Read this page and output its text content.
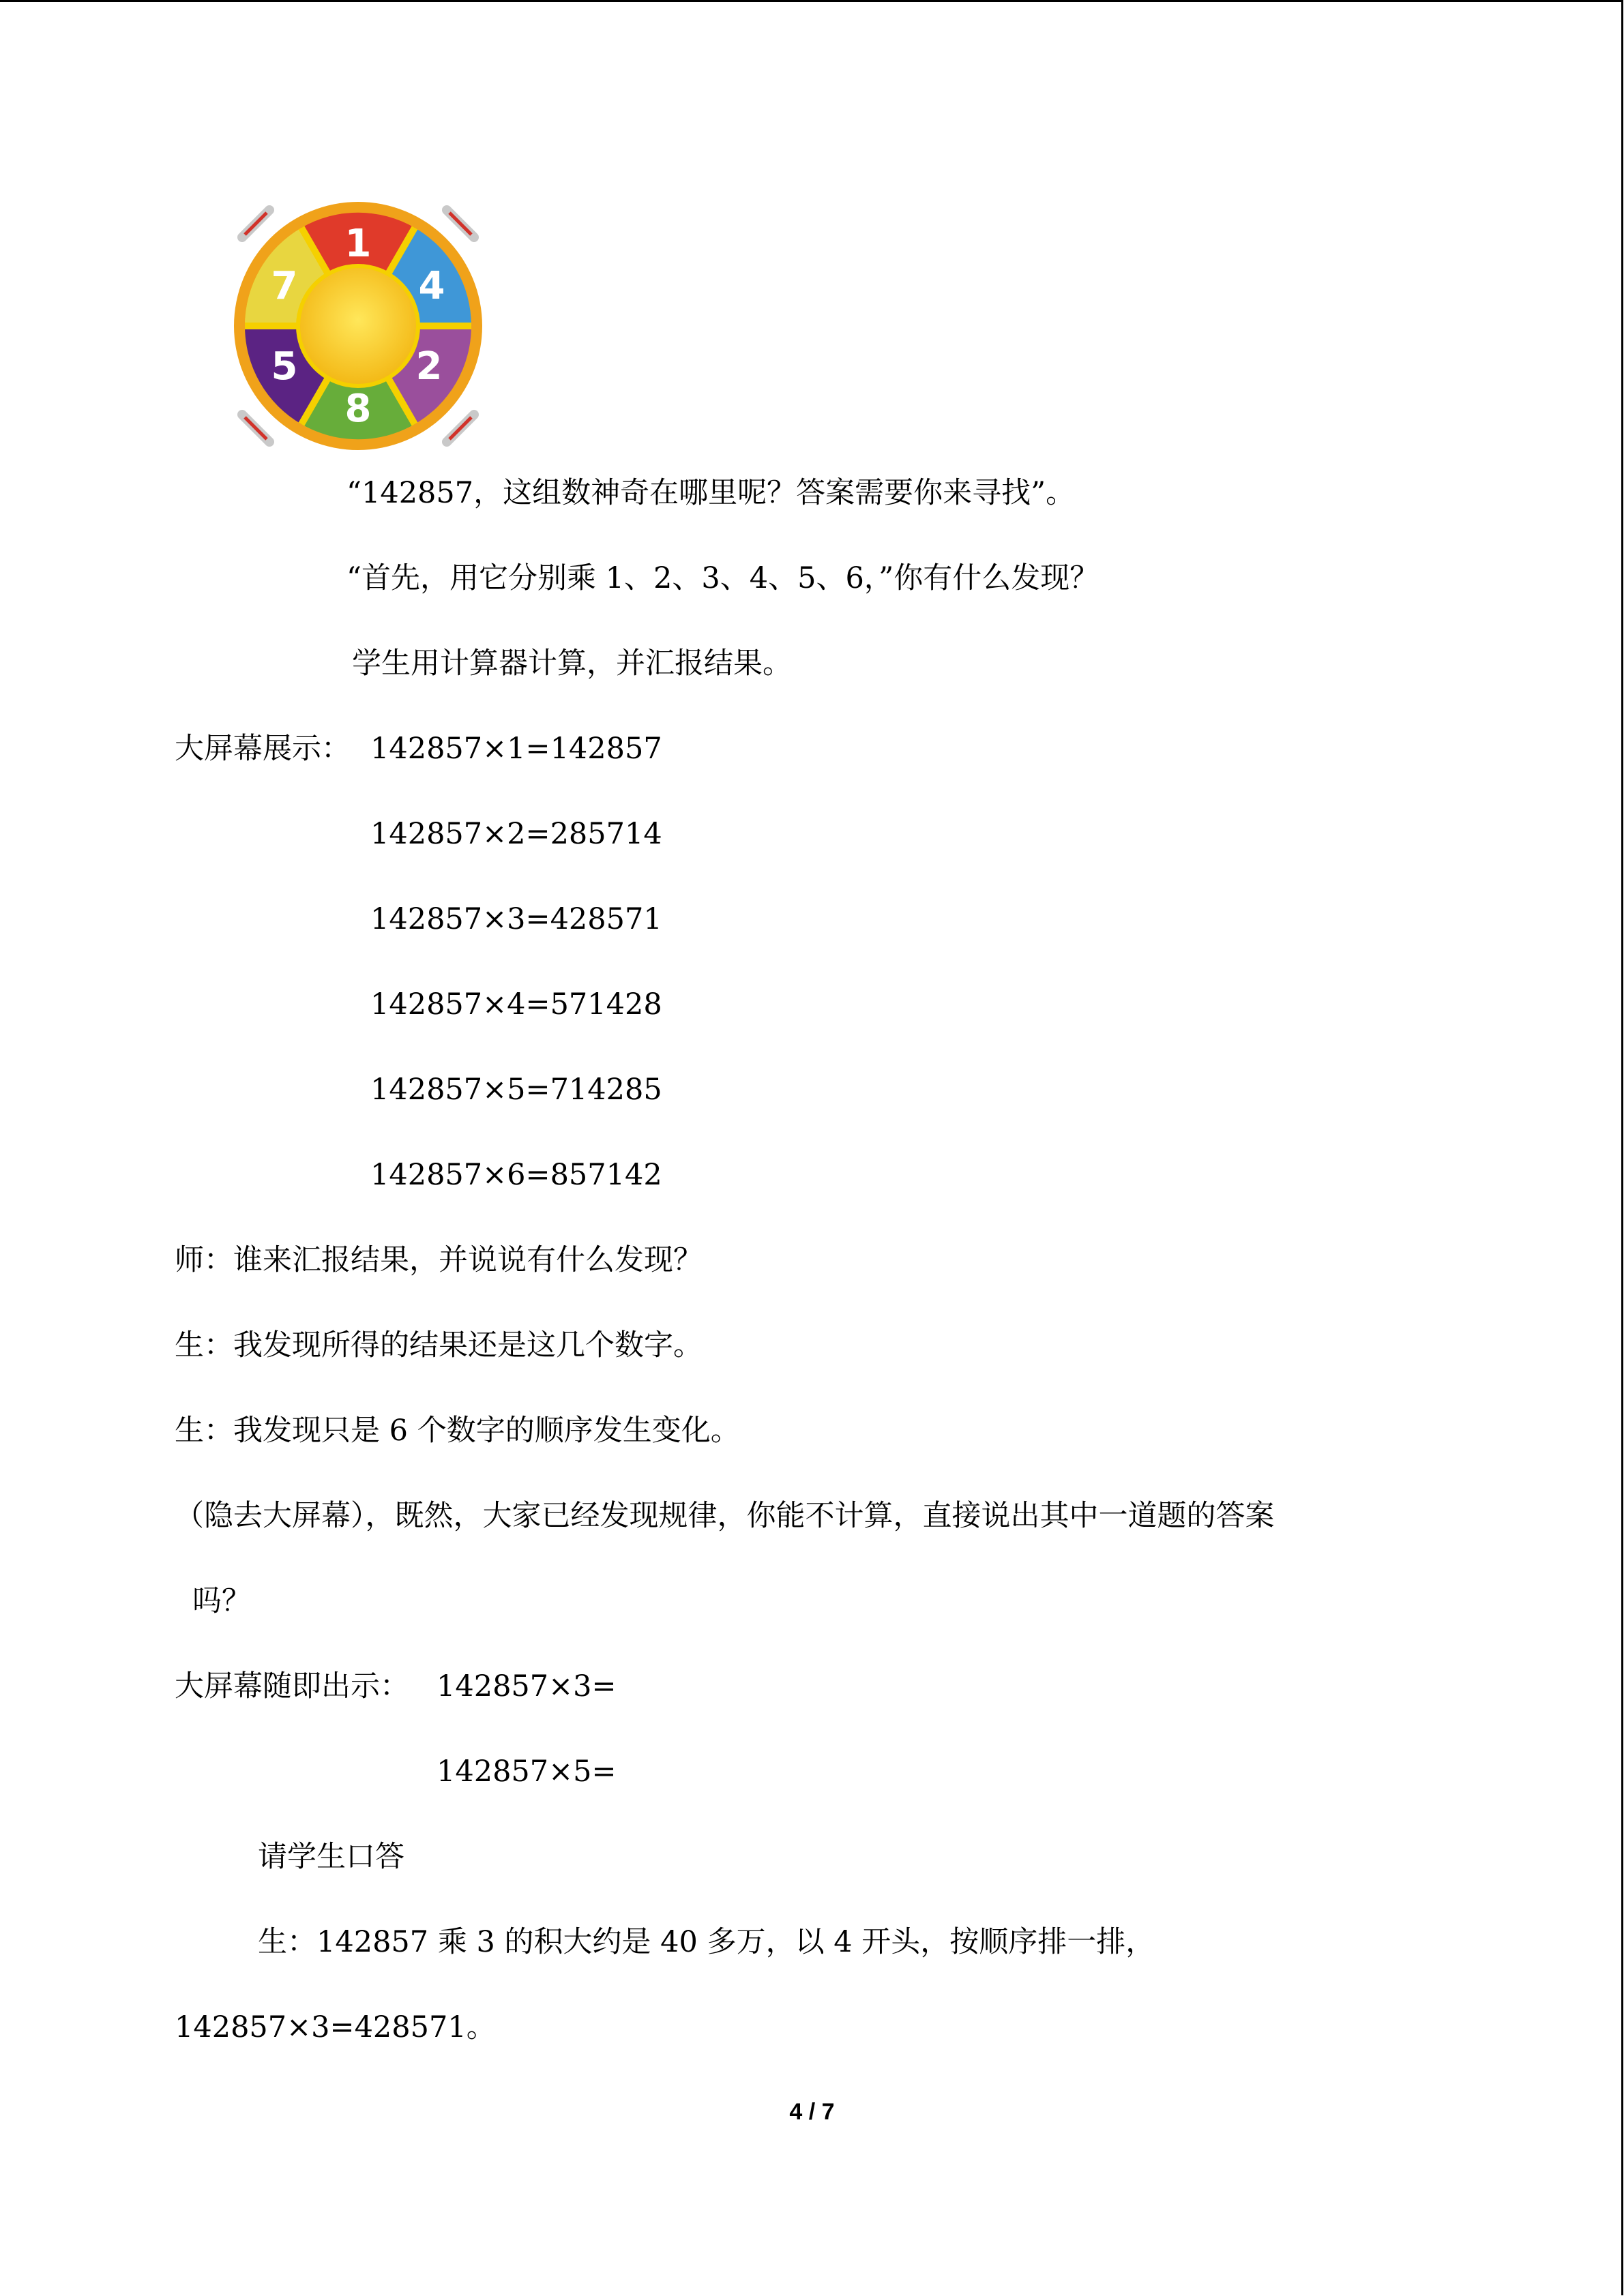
1
4
2
8
5
7
“142857，这组数神奇在哪里呢？答案需要你来寻找”。
“首先，用它分别乘 1、2、3、4、5、6，”你有什么发现？
学生用计算器计算，并汇报结果。
大屏幕展示： 142857×1=142857
142857×2=285714
142857×3=428571
142857×4=571428
142857×5=714285
142857×6=857142
师：谁来汇报结果，并说说有什么发现？
生：我发现所得的结果还是这几个数字。
生：我发现只是 6 个数字的顺序发生变化。
（隐去大屏幕），既然，大家已经发现规律，你能不计算，直接说出其中一道题的答案
吗？
大屏幕随即出示： 142857×3=
142857×5=
请学生口答
生：142857 乘 3 的积大约是 40 多万，以 4 开头，按顺序排一排，
142857×3=428571。
4 / 7
